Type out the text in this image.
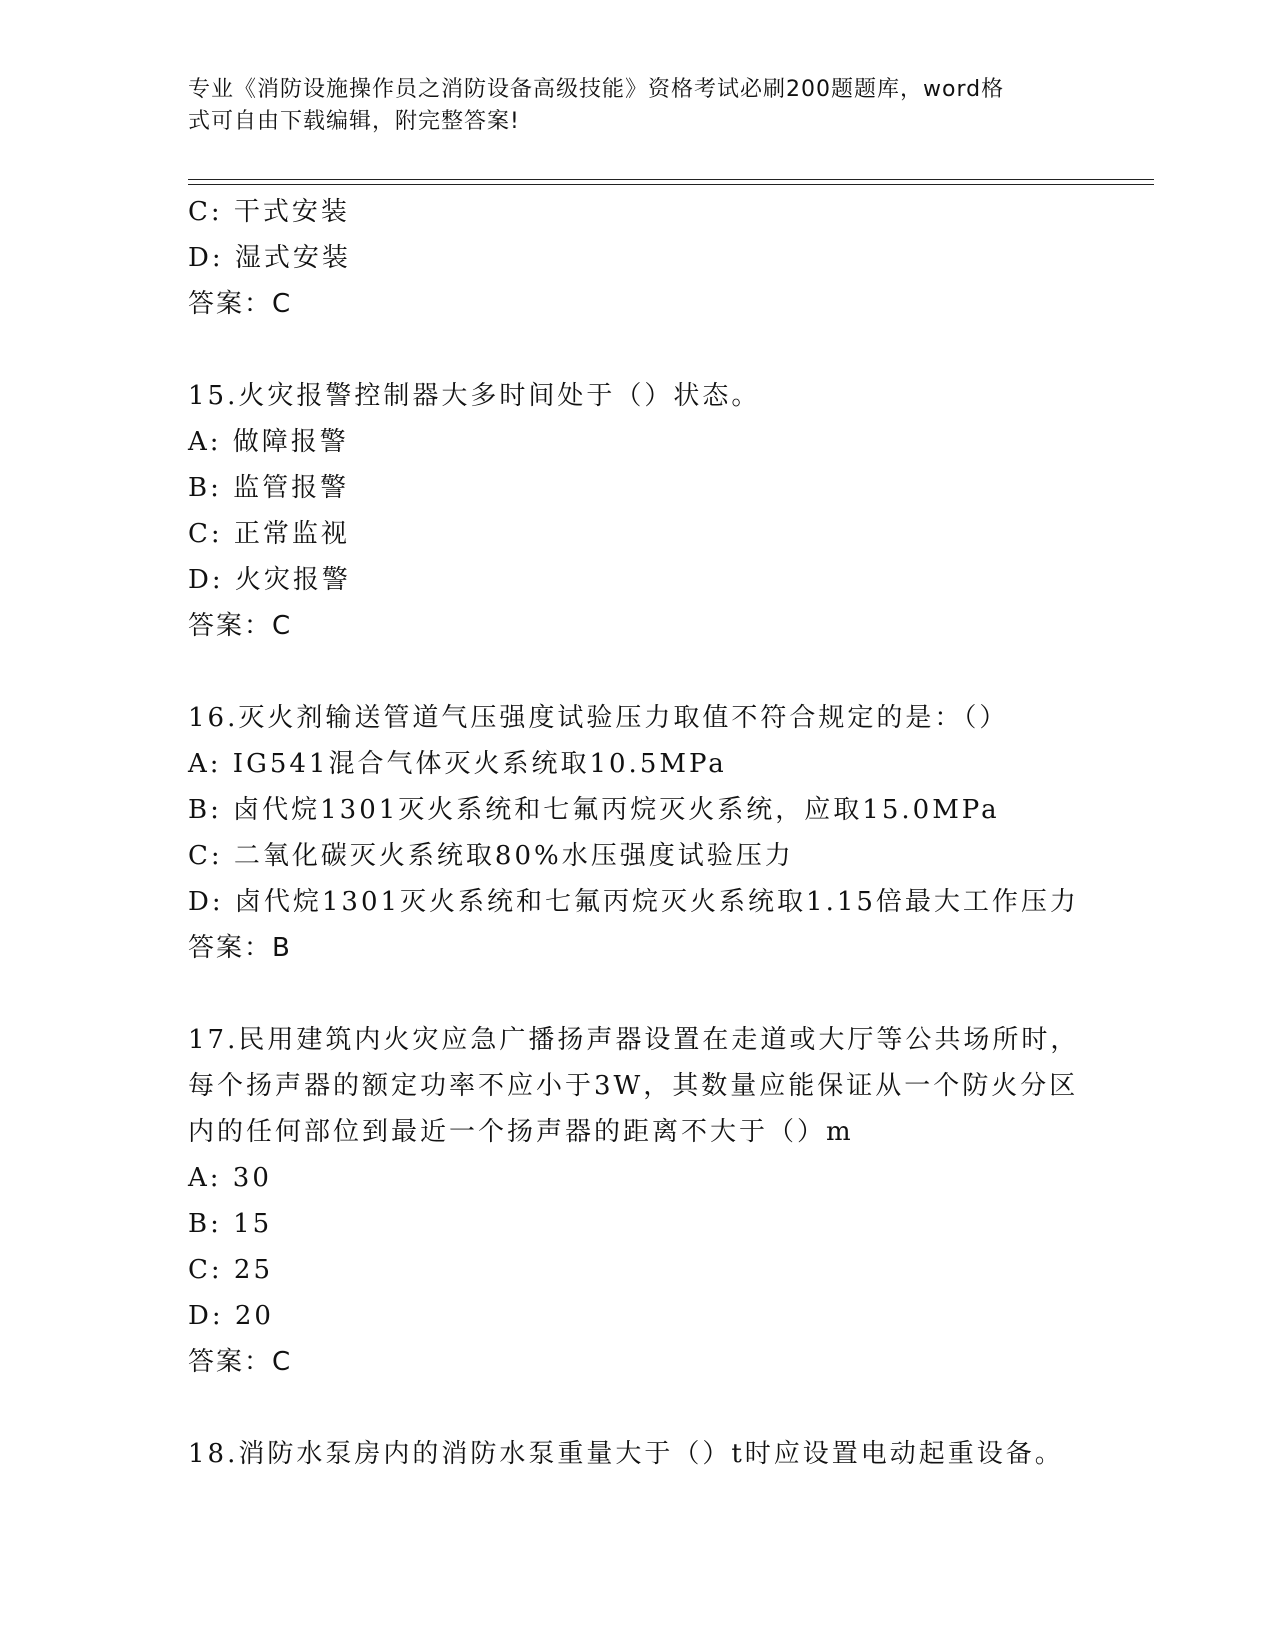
专业《消防设施操作员之消防设备高级技能》资格考试必刷200题题库，word格
式可自由下载编辑，附完整答案!
C: 干式安装
D: 湿式安装
答案：C
15.火灾报警控制器大多时间处于（）状态。
A: 做障报警
B: 监管报警
C: 正常监视
D: 火灾报警
答案：C
16.灭火剂输送管道气压强度试验压力取值不符合规定的是：（）
A: IG541混合气体灭火系统取10.5MPa
B: 卤代烷1301灭火系统和七氟丙烷灭火系统，应取15.0MPa
C: 二氧化碳灭火系统取80%水压强度试验压力
D: 卤代烷1301灭火系统和七氟丙烷灭火系统取1.15倍最大工作压力
答案：B
17.民用建筑内火灾应急广播扬声器设置在走道或大厅等公共场所时，
每个扬声器的额定功率不应小于3W，其数量应能保证从一个防火分区
内的任何部位到最近一个扬声器的距离不大于（）m
A: 30
B: 15
C: 25
D: 20
答案：C
18.消防水泵房内的消防水泵重量大于（）t时应设置电动起重设备。
